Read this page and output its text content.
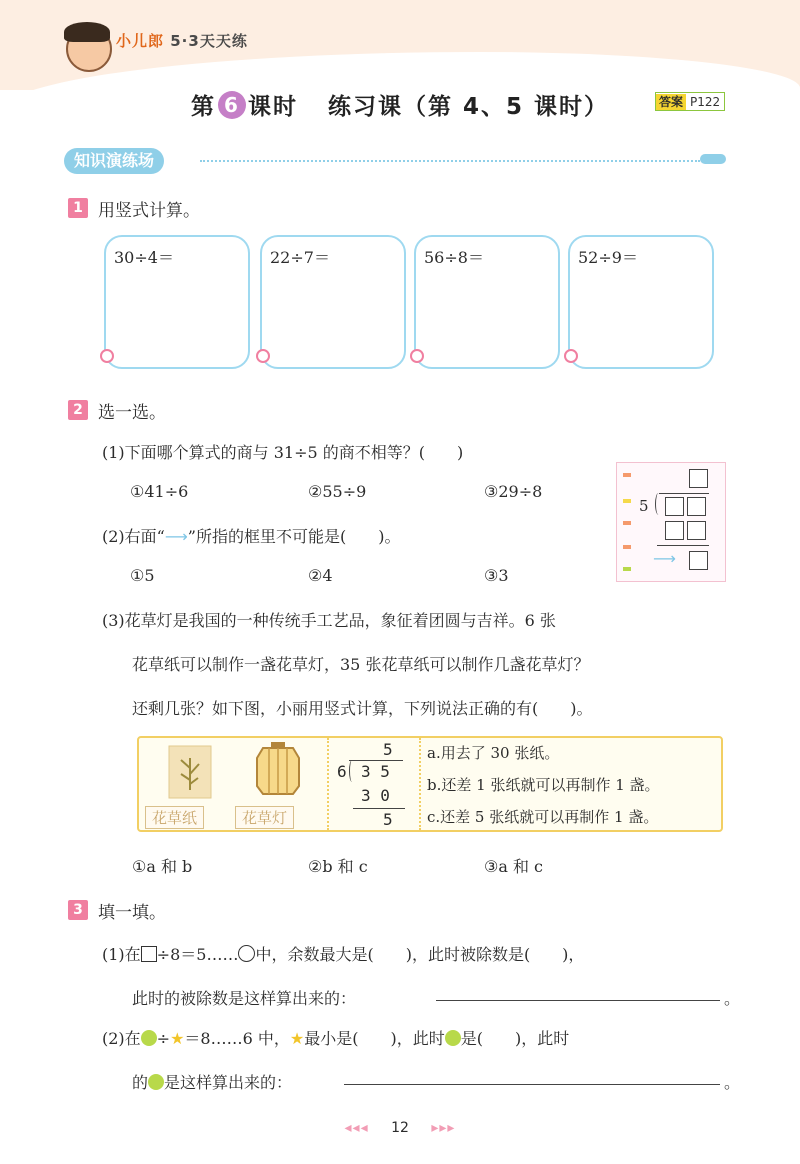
小儿郎 5·3天天练
第 6 课时   练习课（第 4、5 课时）	答案 P122
知识演练场
1 用竖式计算。
30÷4＝	22÷7＝	56÷8＝	52÷9＝
2 选一选。
(1)下面哪个算式的商与 31÷5 的商不相等？(　　)
①41÷6	②55÷9	③29÷8
(2)右面“⟶”所指的框里不可能是(　　)。
①5	②4	③3
5
⟶
(3)花草灯是我国的一种传统手工艺品，象征着团圆与吉祥。6 张
花草纸可以制作一盏花草灯，35 张花草纸可以制作几盏花草灯？
还剩几张？如下图，小丽用竖式计算，下列说法正确的有(　　)。
花草纸	花草灯
5
6 3 5
3 0
5
a.用去了 30 张纸。
b.还差 1 张纸就可以再制作 1 盏。
c.还差 5 张纸就可以再制作 1 盏。
①a 和 b	②b 和 c	③a 和 c
3 填一填。
(1)在 ÷8＝5…… 中，余数最大是(　　)，此时被除数是(　　)，
此时的被除数是这样算出来的：	。
(2)在 ÷★＝8……6 中，★最小是(　　)，此时 是(　　)，此时
的 是这样算出来的：	。
◂◂◂ 12 ▸▸▸
